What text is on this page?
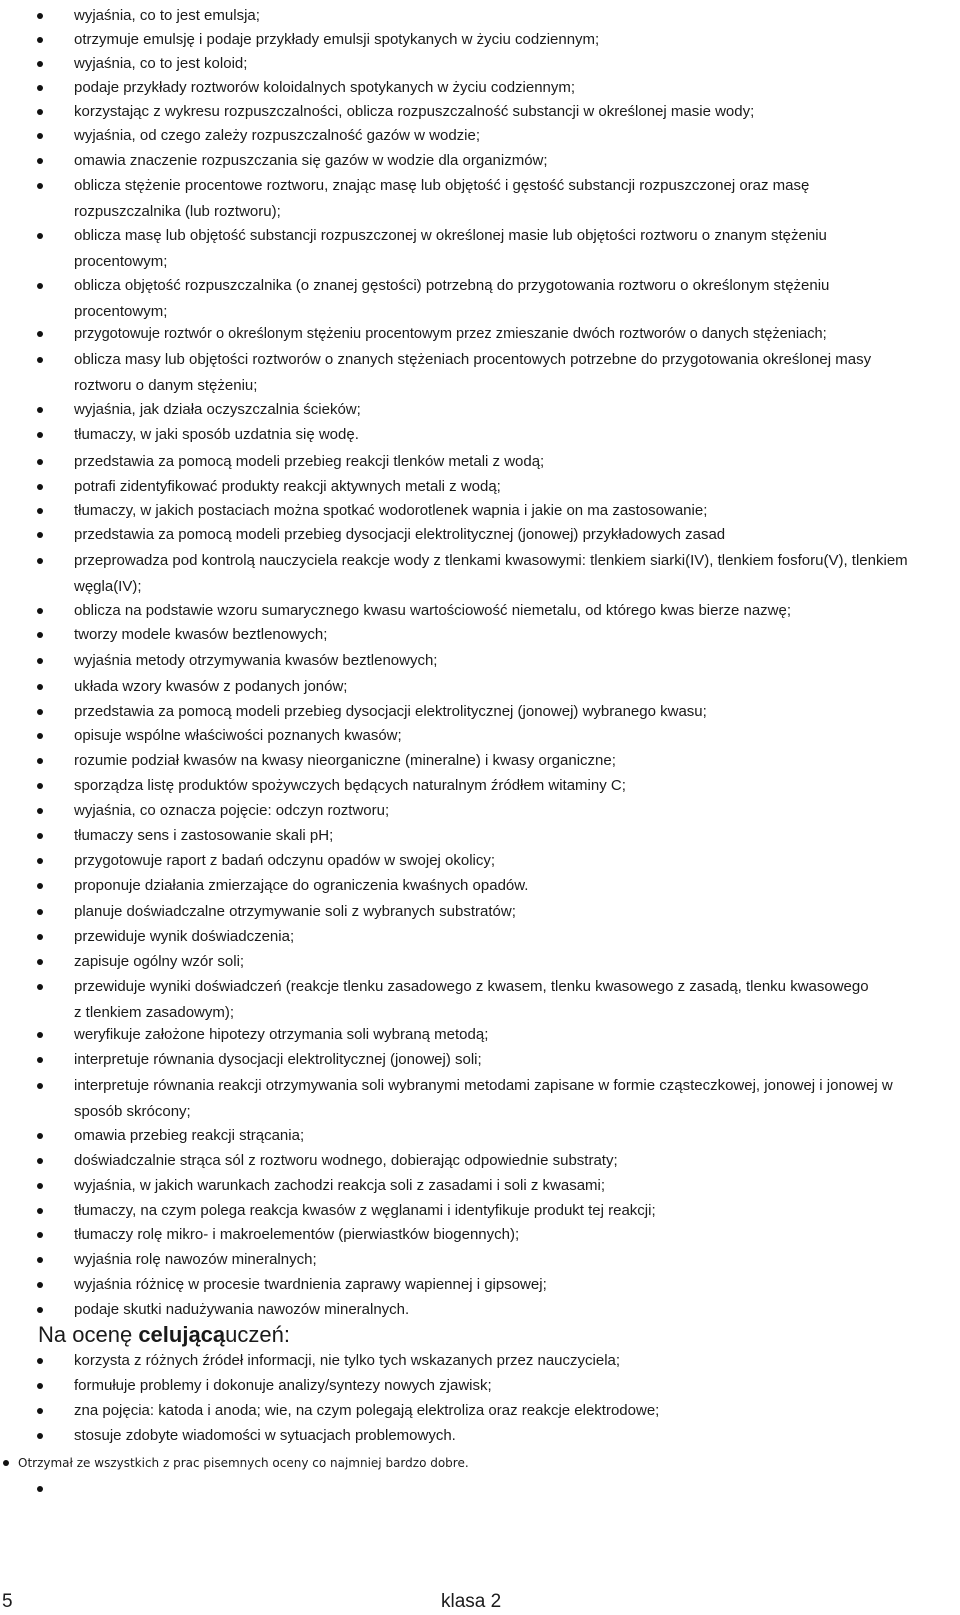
wyjaśnia, co to jest emulsja;
otrzymuje emulsję i podaje przykłady emulsji spotykanych w życiu codziennym;
wyjaśnia, co to jest koloid;
podaje przykłady roztworów koloidalnych spotykanych w życiu codziennym;
korzystając z wykresu rozpuszczalności, oblicza rozpuszczalność substancji w określonej masie wody;
wyjaśnia, od czego zależy rozpuszczalność gazów w wodzie;
omawia znaczenie rozpuszczania się gazów w wodzie dla organizmów;
oblicza stężenie procentowe roztworu, znając masę lub objętość i gęstość substancji rozpuszczonej oraz masę rozpuszczalnika (lub roztworu);
oblicza masę lub objętość substancji rozpuszczonej w określonej masie lub objętości roztworu o znanym stężeniu procentowym;
oblicza objętość rozpuszczalnika (o znanej gęstości) potrzebną do przygotowania roztworu o określonym stężeniu procentowym;
przygotowuje roztwór o określonym stężeniu procentowym przez zmieszanie dwóch roztworów o danych stężeniach;
oblicza masy lub objętości roztworów o znanych stężeniach procentowych potrzebne do przygotowania określonej masy roztworu o danym stężeniu;
wyjaśnia, jak działa oczyszczalnia ścieków;
tłumaczy, w jaki sposób uzdatnia się wodę.
przedstawia za pomocą modeli przebieg reakcji tlenków metali z wodą;
potrafi zidentyfikować produkty reakcji aktywnych metali z wodą;
tłumaczy, w jakich postaciach można spotkać wodorotlenek wapnia i jakie on ma zastosowanie;
przedstawia za pomocą modeli przebieg dysocjacji elektrolitycznej (jonowej) przykładowych zasad
przeprowadza pod kontrolą nauczyciela reakcje wody z tlenkami kwasowymi: tlenkiem siarki(IV), tlenkiem fosforu(V), tlenkiem węgla(IV);
oblicza na podstawie wzoru sumarycznego kwasu wartościowość niemetalu, od którego kwas bierze nazwę;
tworzy modele kwasów beztlenowych;
wyjaśnia metody otrzymywania kwasów beztlenowych;
układa wzory kwasów z podanych jonów;
przedstawia za pomocą modeli przebieg dysocjacji elektrolitycznej (jonowej) wybranego kwasu;
opisuje wspólne właściwości poznanych kwasów;
rozumie podział kwasów na kwasy nieorganiczne (mineralne) i kwasy organiczne;
sporządza listę produktów spożywczych będących naturalnym źródłem witaminy C;
wyjaśnia, co oznacza pojęcie: odczyn roztworu;
tłumaczy sens i zastosowanie skali pH;
przygotowuje raport z badań odczynu opadów w swojej okolicy;
proponuje działania zmierzające do ograniczenia kwaśnych opadów.
planuje doświadczalne otrzymywanie soli z wybranych substratów;
przewiduje wynik doświadczenia;
zapisuje ogólny wzór soli;
przewiduje wyniki doświadczeń (reakcje tlenku zasadowego z kwasem, tlenku kwasowego z zasadą, tlenku kwasowego z tlenkiem zasadowym);
weryfikuje założone hipotezy otrzymania soli wybraną metodą;
interpretuje równania dysocjacji elektrolitycznej (jonowej) soli;
interpretuje równania reakcji otrzymywania soli wybranymi metodami zapisane w formie cząsteczkowej, jonowej i jonowej w sposób skrócony;
omawia przebieg reakcji strącania;
doświadczalnie strąca sól z roztworu wodnego, dobierając odpowiednie substraty;
wyjaśnia, w jakich warunkach zachodzi reakcja soli z zasadami i soli z kwasami;
tłumaczy, na czym polega reakcja kwasów z węglanami i identyfikuje produkt tej reakcji;
tłumaczy rolę mikro- i makroelementów (pierwiastków biogennych);
wyjaśnia rolę nawozów mineralnych;
wyjaśnia różnicę w procesie twardnienia zaprawy wapiennej i gipsowej;
podaje skutki nadużywania nawozów mineralnych.
Na ocenę celującąuczeń:
korzysta z różnych źródeł informacji, nie tylko tych wskazanych przez nauczyciela;
formułuje problemy i dokonuje analizy/syntezy nowych zjawisk;
zna pojęcia: katoda i anoda; wie, na czym polegają elektroliza oraz reakcje elektrodowe;
stosuje zdobyte wiadomości w sytuacjach problemowych.
Otrzymał ze wszystkich z prac pisemnych oceny co najmniej bardzo dobre.
5	klasa 2
